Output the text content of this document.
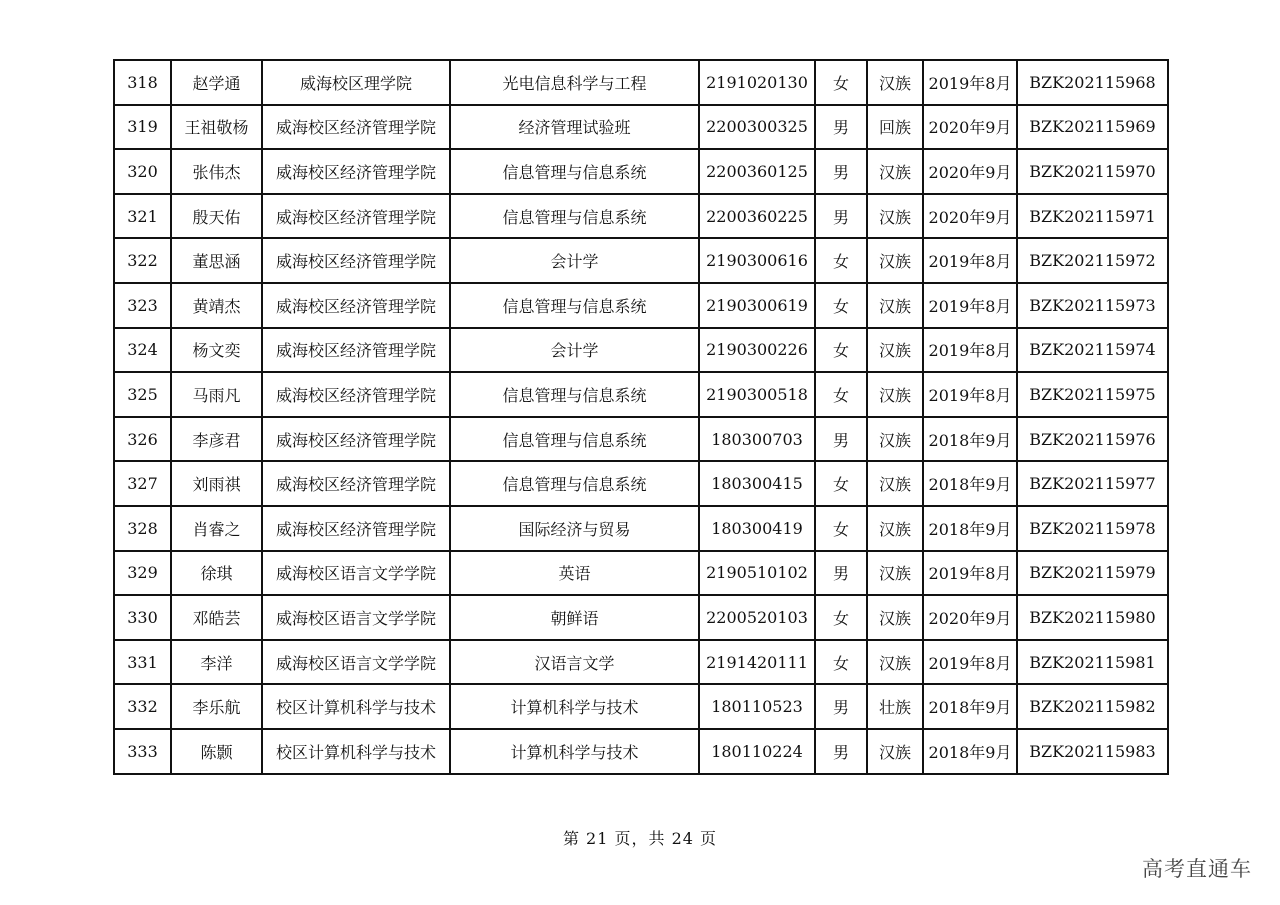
318	赵学通	威海校区理学院	光电信息科学与工程	2191020130	女	汉族	2019年8月	BZK202115968
319	王祖敬杨	威海校区经济管理学院	经济管理试验班	2200300325	男	回族	2020年9月	BZK202115969
320	张伟杰	威海校区经济管理学院	信息管理与信息系统	2200360125	男	汉族	2020年9月	BZK202115970
321	殷天佑	威海校区经济管理学院	信息管理与信息系统	2200360225	男	汉族	2020年9月	BZK202115971
322	董思涵	威海校区经济管理学院	会计学	2190300616	女	汉族	2019年8月	BZK202115972
323	黄靖杰	威海校区经济管理学院	信息管理与信息系统	2190300619	女	汉族	2019年8月	BZK202115973
324	杨文奕	威海校区经济管理学院	会计学	2190300226	女	汉族	2019年8月	BZK202115974
325	马雨凡	威海校区经济管理学院	信息管理与信息系统	2190300518	女	汉族	2019年8月	BZK202115975
326	李彦君	威海校区经济管理学院	信息管理与信息系统	180300703	男	汉族	2018年9月	BZK202115976
327	刘雨祺	威海校区经济管理学院	信息管理与信息系统	180300415	女	汉族	2018年9月	BZK202115977
328	肖睿之	威海校区经济管理学院	国际经济与贸易	180300419	女	汉族	2018年9月	BZK202115978
329	徐琪	威海校区语言文学学院	英语	2190510102	男	汉族	2019年8月	BZK202115979
330	邓皓芸	威海校区语言文学学院	朝鲜语	2200520103	女	汉族	2020年9月	BZK202115980
331	李洋	威海校区语言文学学院	汉语言文学	2191420111	女	汉族	2019年8月	BZK202115981
332	李乐航	校区计算机科学与技术	计算机科学与技术	180110523	男	壮族	2018年9月	BZK202115982
333	陈颢	校区计算机科学与技术	计算机科学与技术	180110224	男	汉族	2018年9月	BZK202115983
第 21 页，共 24 页
高考直通车
